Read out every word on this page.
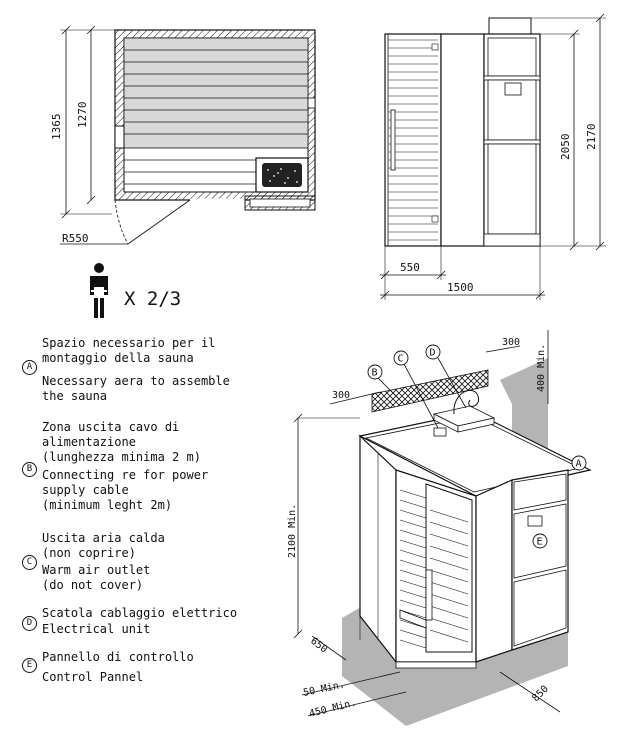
R550
1365 1270
2050 2170
550
1500
X 2/3
2100 Min.
300
300
400 Min.
650
50 Min.
450 Min.
850
A
B
C
D
E
A
Spazio necessario per il
montaggio della sauna
Necessary aera to assemble
the sauna
B
Zona uscita cavo di
alimentazione
(lunghezza minima 2 m)
Connecting re for power
supply cable
(minimum leght 2m)
C
Uscita aria calda
(non coprire)
Warm air outlet
(do not cover)
D
Scatola cablaggio elettrico
Electrical unit
E
Pannello di controllo
Control Pannel
